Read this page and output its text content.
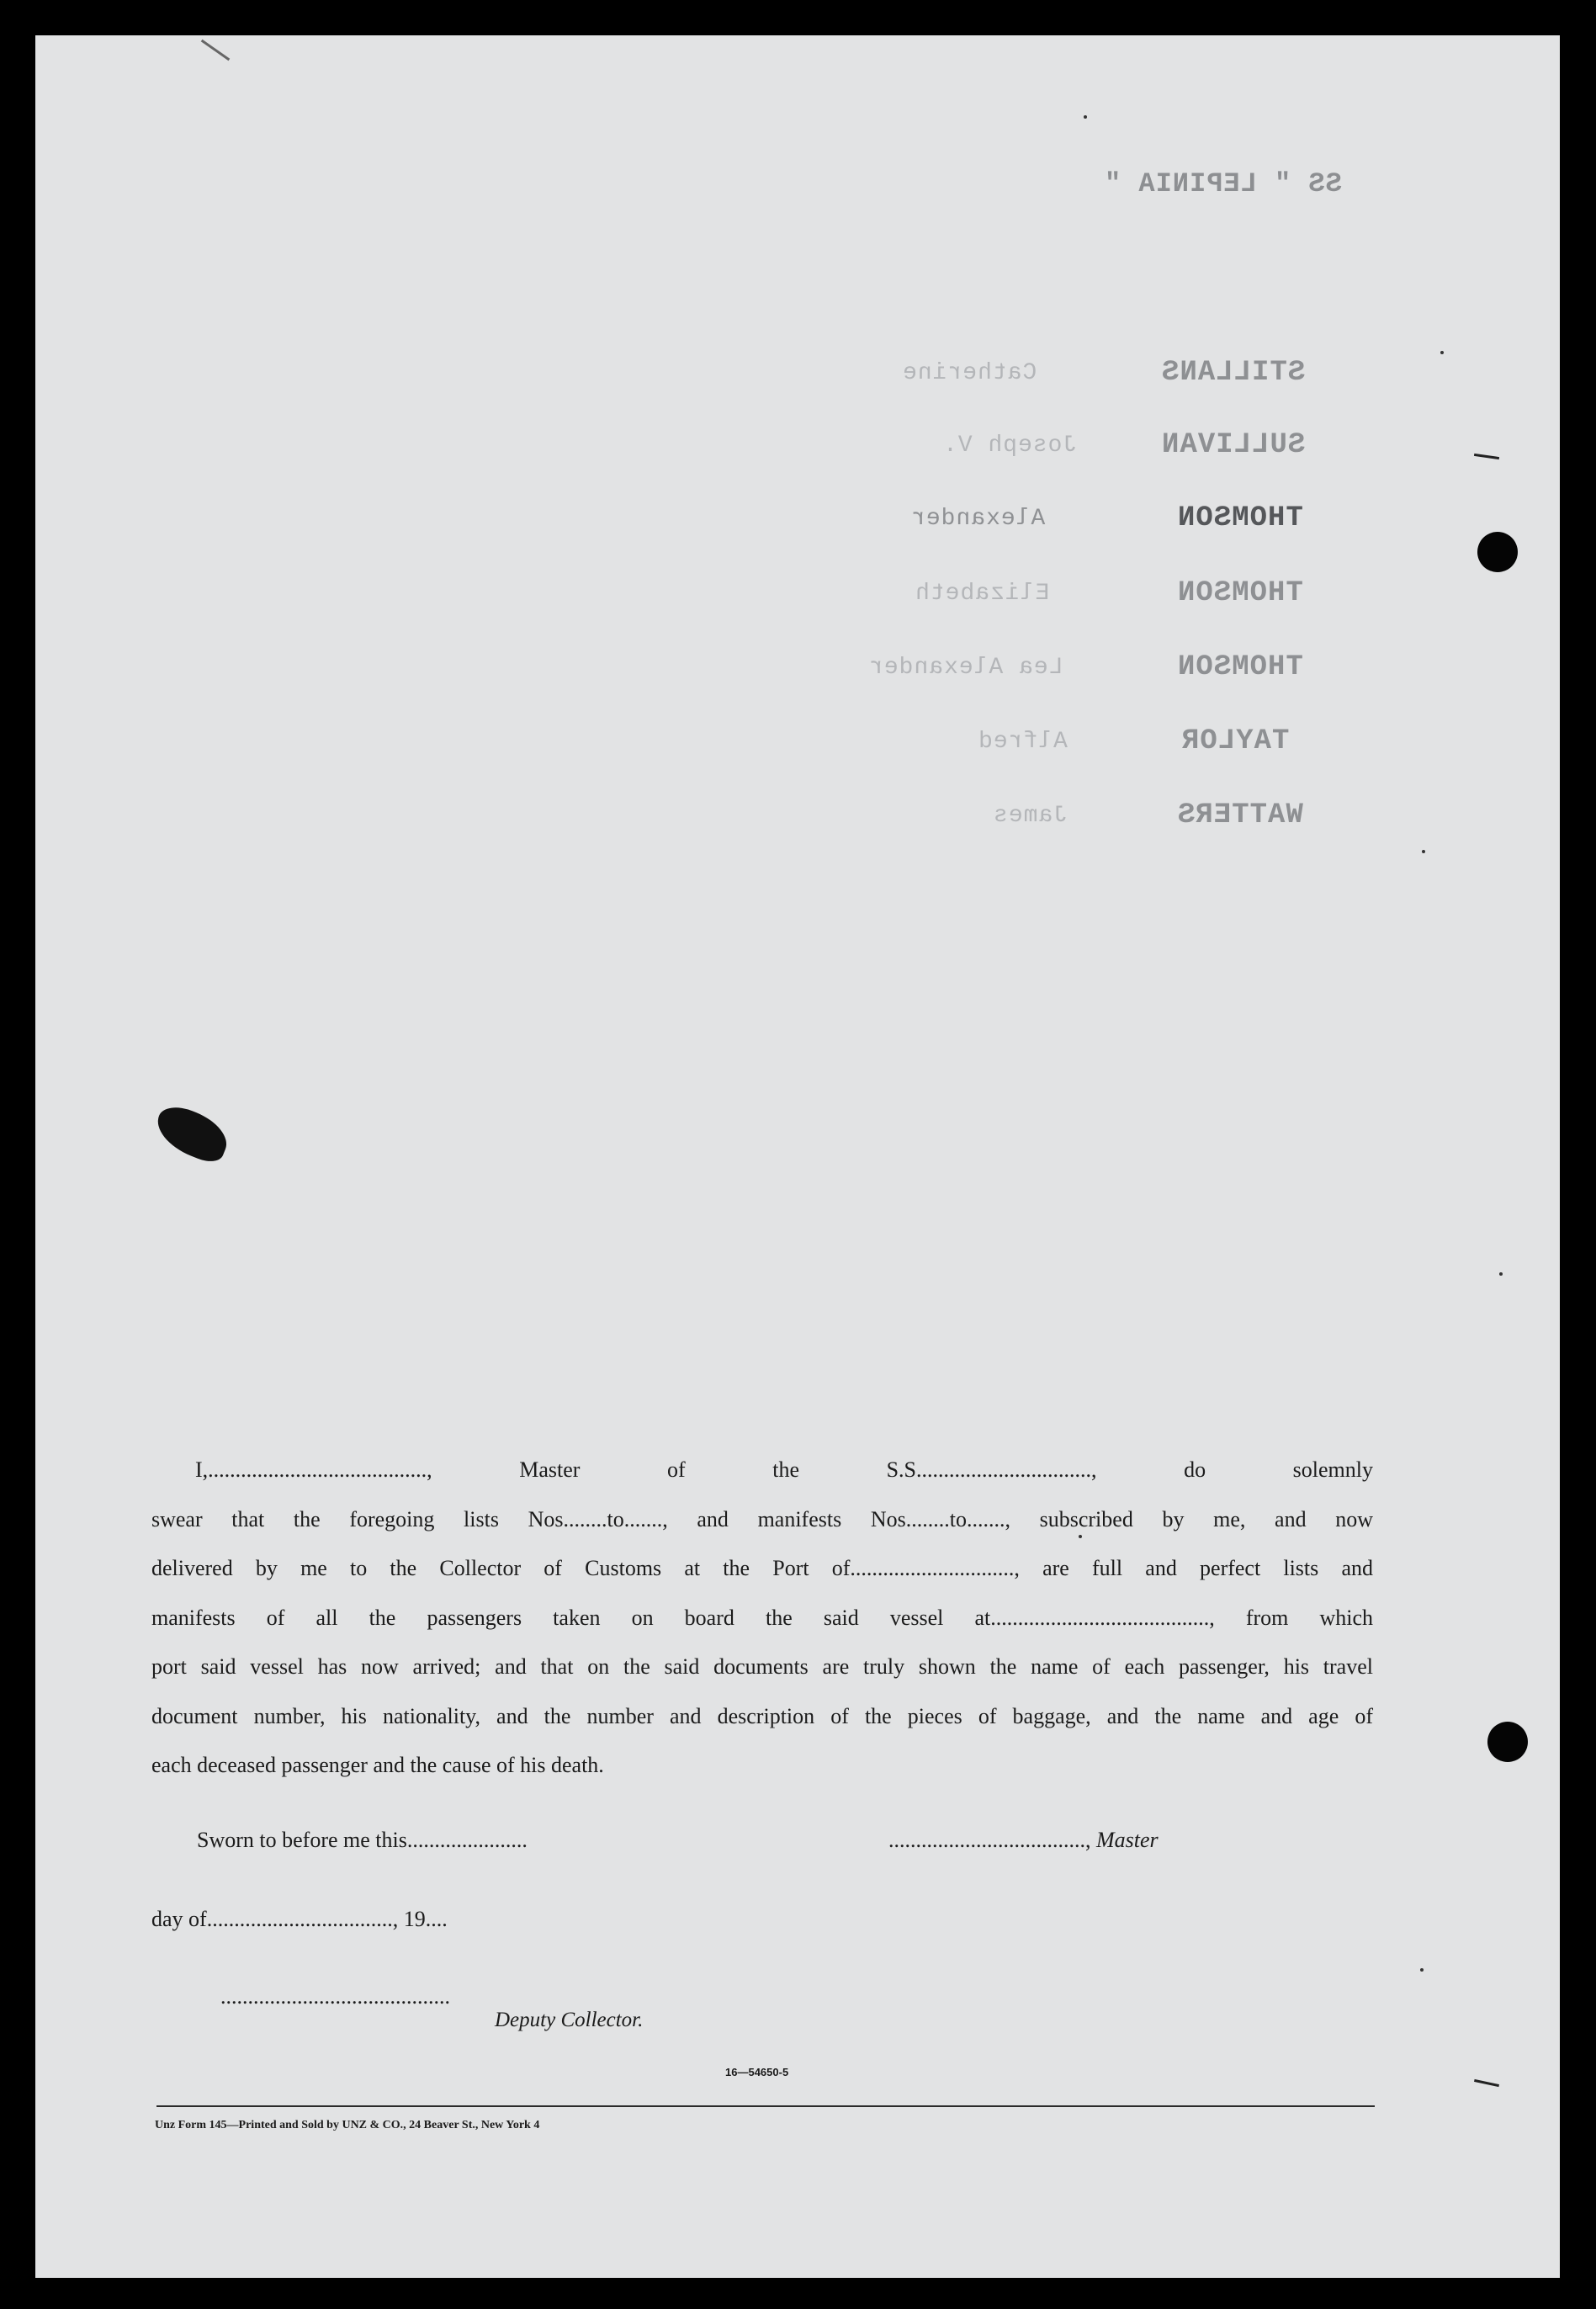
SS " LEPINIA "
STILLANS
Catherine
SULLIVAN
Joseph V.
THOMSON
Alexander
THOMSON
Elizabeth
THOMSON
Lea Alexander
TAYLOR
Alfred
WATTERS
James
I,........................................, Master of the S.S................................, do solemnly
swear that the foregoing lists Nos........to......., and manifests Nos........to......., subscribed by me, and now
delivered by me to the Collector of Customs at the Port of.............................., are full and perfect lists and
manifests of all the passengers taken on board the said vessel at........................................, from which
port said vessel has now arrived; and that on the said documents are truly shown the name of each passenger, his travel
document number, his nationality, and the number and description of the pieces of baggage, and the name and age of
each deceased passenger and the cause of his death.
Sworn to before me this......................	...................................., Master
day of.................................., 19....
..........................................
Deputy Collector.
16—54650-5
Unz Form 145—Printed and Sold by UNZ & CO., 24 Beaver St., New York 4
